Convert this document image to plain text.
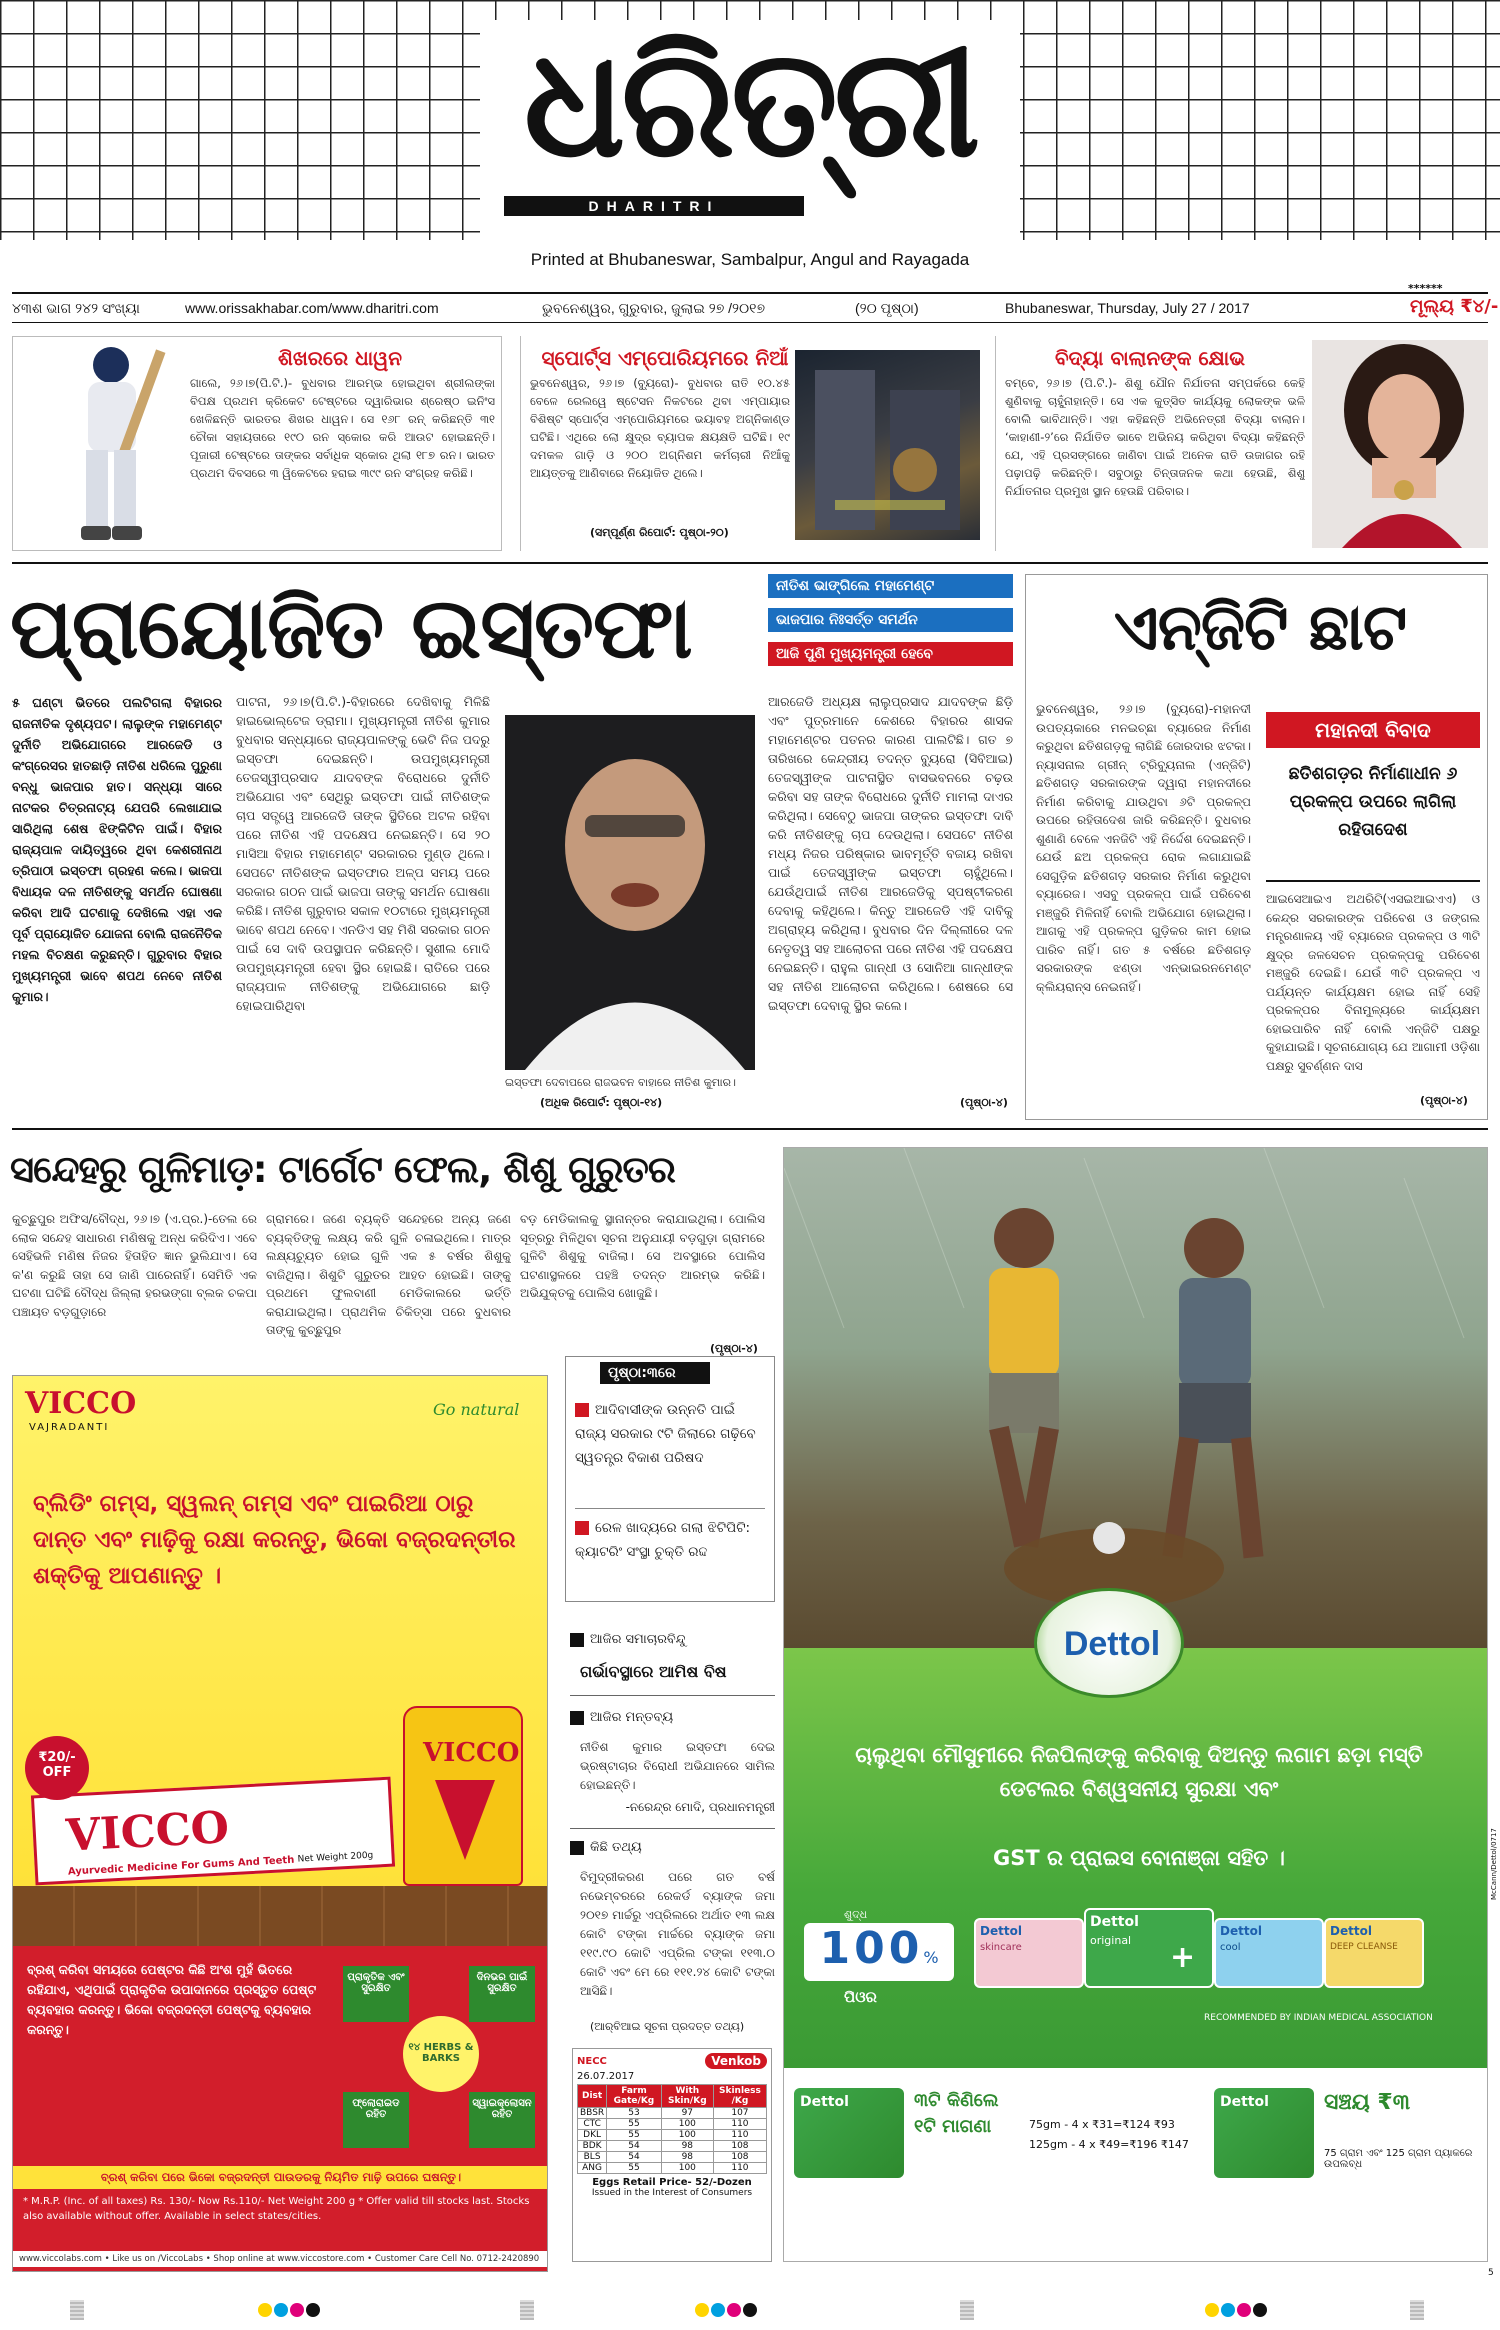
ଧରିତ୍ରୀ
DHARITRI
Printed at Bhubaneswar, Sambalpur, Angul and Rayagada
୪୩ଶ ଭାଗ ୨୪୨ ସଂଖ୍ୟା	www.orissakhabar.com/www.dharitri.com	ଭୁବନେଶ୍ୱର, ଗୁରୁବାର, ଜୁଲାଇ ୨୭ /୨୦୧୭	(୨୦ ପୃଷ୍ଠା)	Bhubaneswar, Thursday, July 27 / 2017
******
ମୂଲ୍ୟ ₹୪/-
ଶିଖରରେ ଧାୱନ
ଗାଲେ, ୨୬।୭(ପି.ଟି.)- ବୁଧବାର ଆରମ୍ଭ ହୋଇଥିବା ଶ୍ରୀଲଙ୍କା ବିପକ୍ଷ ପ୍ରଥମ କ୍ରିକେଟ ଟେଷ୍ଟରେ ଦ୍ୱାରିଭାର ଶ୍ରେଷ୍ଠ ଇନିଂସ ଖେଳିଛନ୍ତି ଭାରତର ଶିଖର ଧାୱନ। ସେ ୧୬୮ ରନ୍‌ କରିଛନ୍ତି ୩୧ ଚୌକା ସହାୟତାରେ ୧୯୦ ରନ ସ୍କୋର କରି ଆଉଟ ହୋଇଛନ୍ତି। ପୂଜାରୀ ଟେଷ୍ଟରେ ତାଙ୍କର ସର୍ବାଧିକ ସ୍କୋର ଥିଲା ୧୮୭ ରନ। ଭାରତ ପ୍ରଥମ ଦିବସରେ ୩ ୱିକେଟରେ ହରାଇ ୩୯୯ ରନ ସଂଗ୍ରହ କରିଛି।
ସ୍ପୋର୍ଟ୍ସ ଏମ୍ପୋରିୟମରେ ନିଆଁ
ଭୁବନେଶ୍ୱର, ୨୬।୭ (ବ୍ୟୁରୋ)- ବୁଧବାର ରାତି ୧୦.୪୫ ବେଳେ ରେଲୱେ ଷ୍ଟେସନ ନିକଟରେ ଥିବା ଏମ୍‌ପାୟାର ବିଶିଷ୍ଟ ସ୍ପୋର୍ଟ୍ସ ଏମ୍ପୋରିୟମରେ ଭୟାବହ ଅଗ୍ନିକାଣ୍ଡ ଘଟିଛି। ଏଥିରେ ଲୋ‌ କ୍ଷୁଦ୍ର ବ୍ୟାପକ କ୍ଷୟକ୍ଷତି ଘଟିଛି। ୧୯ ଦମକଳ ଗାଡ଼ି ଓ ୨୦୦ ଅଗ୍ନିଶମ କର୍ମଚାରୀ ନିଆଁକୁ ଆୟତ୍ତକୁ ଆଣିବାରେ ନିୟୋଜିତ ଥିଲେ।
(ସମ୍ପୂର୍ଣ୍ଣ ରିପୋର୍ଟ: ପୃଷ୍ଠା-୨୦)
ବିଦ୍ୟା ବାଲାନଙ୍କ କ୍ଷୋଭ
ବମ୍ବେ, ୨୬।୭ (ପି.ଟି.)- ଶିଶୁ ଯୌନ ନିର୍ଯାତନା ସମ୍ପର୍କରେ କେହି ଶୁଣିବାକୁ ଚାହୁଁନାହାନ୍ତି। ସେ ଏକ କୁତ୍ସିତ କାର୍ଯ୍ୟକୁ ଲୋକଙ୍କ ଭଳି ବୋଲି ଭାବିଥାନ୍ତି। ଏହା କହିଛନ୍ତି ଅଭିନେତ୍ରୀ ବିଦ୍ୟା ବାଲାନ। ‘କାହାଣୀ-୨’ରେ ନିର୍ଯାତିତ ଭାବେ ଅଭିନୟ କରିଥିବା ବିଦ୍ୟା କହିଛନ୍ତି ଯେ, ଏହି ପ୍ରସଙ୍ଗରେ ଜାଣିବା ପାଇଁ ଅନେକ ରାତି ଉଜାଗର ରହି ପଢ଼ାପଢ଼ି କରିଛନ୍ତି। ସବୁଠାରୁ ଚିନ୍ତାଜନକ କଥା ହେଉଛି, ଶିଶୁ ନିର୍ଯାତନାର ପ୍ରମୁଖ ସ୍ଥାନ ହେଉଛି ପରିବାର।
ପ୍ରାୟୋଜିତ ଇସ୍ତଫା	ନୀତିଶ ଭାଙ୍ଗିଲେ ମହାମେଣ୍ଟ
ଭାଜପାର ନିଃସର୍ତ୍ତ ସମର୍ଥନ
ଆଜି ପୁଣି ମୁଖ୍ୟମନ୍ତ୍ରୀ ହେବେ
୫ ଘଣ୍ଟା ଭିତରେ ପଲଟିଗଲା ବିହାରର ରାଜନୀତିକ ଦୃଶ୍ୟପଟ। ଲାଲୁଙ୍କ ମହାମେଣ୍ଟ ଦୁର୍ନୀତି ଅଭିଯୋଗରେ ଆରଜେଡି ଓ କଂଗ୍ରେସର ହାତଛାଡ଼ି ନୀତିଶ ଧରିଲେ ପୁରୁଣା ବନ୍ଧୁ ଭାଜପାର ହାତ। ସନ୍ଧ୍ୟା ସାରେ ନାଟକର ଚିତ୍ରନାଟ୍ୟ ଯେପରି ଲେଖାଯାଇ ସାରିଥିଲା ଶେଷ ଝିଙ୍କିଟିନ ପାଇଁ। ବିହାର ରାଜ୍ୟପାଳ ଦାୟିତ୍ୱରେ ଥିବା କେଶରୀନାଥ ତ୍ରିପାଠୀ ଇସ୍ତଫା ଗ୍ରହଣ କଲେ। ଭାଜପା ବିଧାୟକ ଦଳ ନୀତିଶଙ୍କୁ ସମର୍ଥନ ଘୋଷଣା କରିବା ଆଦି ଘଟଣାକୁ ଦେଖିଲେ ଏହା ଏକ ପୂର୍ବ ପ୍ରାୟୋଜିତ ଯୋଜନା ବୋଲି ରାଜନୈତିକ ମହଲ ବିଚକ୍ଷଣ କରୁଛନ୍ତି। ଗୁରୁବାର ବିହାର ମୁଖ୍ୟମନ୍ତ୍ରୀ ଭାବେ ଶପଥ ନେବେ ନୀତିଶ କୁମାର।
ପାଟନା, ୨୬।୭(ପି.ଟି.)-ବିହାରରେ ଦେଖିବାକୁ ମିଳିଛି ହାଇଭୋଲ୍ଟେଜ ଡ୍ରାମା। ମୁଖ୍ୟମନ୍ତ୍ରୀ ନୀତିଶ କୁମାର ବୁଧବାର ସନ୍ଧ୍ୟାରେ ରାଜ୍ୟପାଳଙ୍କୁ ଭେଟି ନିଜ ପଦରୁ ଇସ୍ତଫା ଦେଇଛନ୍ତି। ଉପମୁଖ୍ୟମନ୍ତ୍ରୀ ତେଜସ୍ୱୀପ୍ରସାଦ ଯାଦବଙ୍କ ବିରୋଧରେ ଦୁର୍ନୀତି ଅଭିଯୋଗ ଏବଂ ସେଥିରୁ ଇସ୍ତଫା ପାଇଁ ନୀତିଶଙ୍କ ଚାପ ସତ୍ତ୍ୱେ ଆରଜେଡି ତାଙ୍କ ସ୍ଥିତିରେ ଅଟଳ ରହିବା ପରେ ନୀତିଶ ଏହି ପଦକ୍ଷେପ ନେଇଛନ୍ତି। ସେ ୨୦ ମାସିଆ ବିହାର ମହାମେଣ୍ଟ ସରକାରର ମୁଣ୍ଡ ଥିଲେ। ସେପଟେ ନୀତିଶଙ୍କ ଇସ୍ତଫାର ଅଳ୍ପ ସମୟ ପରେ ସରକାର ଗଠନ ପାଇଁ ଭାଜପା ତାଙ୍କୁ ସମର୍ଥନ ଘୋଷଣା କରିଛି। ନୀତିଶ ଗୁରୁବାର ସକାଳ ୧୦ଟାରେ ମୁଖ୍ୟମନ୍ତ୍ରୀ ଭାବେ ଶପଥ ନେବେ। ଏନଡିଏ ସହ ମିଶି ସରକାର ଗଠନ ପାଇଁ ସେ ଦାବି ଉପସ୍ଥାପନ କରିଛନ୍ତି। ସୁଶୀଲ ମୋଦି ଉପମୁଖ୍ୟମନ୍ତ୍ରୀ ହେବା ସ୍ଥିର ହୋଇଛି। ରାତିରେ ପରେ ରାଜ୍ୟପାଳ ନୀତିଶଙ୍କୁ ଅଭିଯୋଗରେ ଛାଡ଼ି ହୋଇପାରିଥିବା
ଇସ୍ତଫା ଦେବାପରେ ରାଜଭବନ ବାହାରେ ନୀତିଶ କୁମାର।
(ଅଧିକ ରିପୋର୍ଟ: ପୃଷ୍ଠା-୧୪)
ଆରଜେଡି ଅଧ୍ୟକ୍ଷ ଲାଲୁପ୍ରସାଦ ଯାଦବଙ୍କ ଛିଡ଼ି ଏବଂ ପୁତ୍ରମାନେ କେଶରେ ବିହାରର ଶାସକ ମହାମେଣ୍ଟର ପତନର କାରଣ ପାଲଟିଛି। ଗତ ୭ ତାରିଖରେ କେନ୍ଦ୍ରୀୟ ତଦନ୍ତ ବ୍ୟୁରୋ (ସିବିଆଇ) ତେଜସ୍ୱୀଙ୍କ ପାଟନାସ୍ଥିତ ବାସଭବନରେ ଚଢ଼ଉ କରିବା ସହ ତାଙ୍କ ବିରୋଧରେ ଦୁର୍ନୀତି ମାମଲା ଦାଏର କରିଥିଲା। ସେବେଠୁ ଭାଜପା ତାଙ୍କର ଇସ୍ତଫା ଦାବି କରି ନୀତିଶଙ୍କୁ ଚାପ ଦେଉଥିଲା। ସେପଟେ ନୀତିଶ ମଧ୍ୟ ନିଜର ପରିଷ୍କାର ଭାବମୂର୍ତ୍ତି ବଜାୟ ରଖିବା ପାଇଁ ତେଜସ୍ୱୀଙ୍କ ଇସ୍ତଫା ଚାହୁଁଥିଲେ। ଯେଉଁଥିପାଇଁ ନୀତିଶ ଆରଜେଡିକୁ ସ୍ପଷ୍ଟୀକରଣ ଦେବାକୁ କହିଥିଲେ। କିନ୍ତୁ ଆରଜେଡି ଏହି ଦାବିକୁ ଅଗ୍ରାହ୍ୟ କରିଥିଲା। ବୁଧବାର ଦିନ ଦିଲ୍ଲୀରେ ଦଳ ନେତୃତ୍ୱ ସହ ଆଲୋଚନା ପରେ ନୀତିଶ ଏହି ପଦକ୍ଷେପ ନେଇଛନ୍ତି। ରାହୁଲ ଗାନ୍ଧୀ ଓ ସୋନିଆ ଗାନ୍ଧୀଙ୍କ ସହ ନୀତିଶ ଆଲୋଚନା କରିଥିଲେ। ଶେଷରେ ସେ ଇସ୍ତଫା ଦେବାକୁ ସ୍ଥିର କଲେ।
(ପୃଷ୍ଠା-୪)
ଏନ୍‌ଜିଟି ଛାଟ
ଭୁବନେଶ୍ୱର, ୨୬।୭ (ବ୍ୟୁରୋ)-ମହାନଦୀ ଉପତ୍ୟକାରେ ମନଇଚ୍ଛା ବ୍ୟାରେଜ ନିର୍ମାଣ କରୁଥିବା ଛତିଶଗଡ଼କୁ ଲାଗିଛି ଜୋରଦାର ଝଟକା। ନ୍ୟାସନାଲ ଗ୍ରୀନ୍ ଟ୍ରିବ୍ୟୁନାଲ (ଏନ୍‌ଜିଟି) ଛତିଶଗଡ଼ ସରକାରଙ୍କ ଦ୍ୱାରା ମହାନଦୀରେ ନିର୍ମାଣ କରିବାକୁ ଯାଉଥିବା ୬ଟି ପ୍ରକଳ୍ପ ଉପରେ ରହିତାଦେଶ ଜାରି କରିଛନ୍ତି। ବୁଧବାର ଶୁଣାଣି ବେଳେ ଏନଜିଟି ଏହି ନିର୍ଦ୍ଦେଶ ଦେଇଛନ୍ତି। ଯେଉଁ ଛଅ ପ୍ରକଳ୍ପ ରୋକ ଲଗାଯାଇଛି ସେଗୁଡ଼ିକ ଛତିଶଗଡ଼ ସରକାର ନିର୍ମାଣ କରୁଥିବା ବ୍ୟାରେଜ। ଏସବୁ ପ୍ରକଳ୍ପ ପାଇଁ ପରିବେଶ ମଞ୍ଜୁରି ମିଳିନାହିଁ ବୋଲି ଅଭିଯୋଗ ହୋଇଥିଲା। ଆଗକୁ ଏହି ପ୍ରକଳ୍ପ ଗୁଡ଼ିକର କାମ ହୋଇ ପାରିବ ନାହିଁ। ଗତ ୫ ବର୍ଷରେ ଛତିଶଗଡ଼ ସରକାରଙ୍କ ଝଣ୍ଡା ଏନ୍‌ଭାଇରନମେଣ୍ଟ କ୍ଲିୟରାନ୍ସ ନେଇନାହିଁ।
ମହାନଦୀ ବିବାଦ
ଛତିଶଗଡ଼ର ନିର୍ମାଣାଧୀନ ୬ ପ୍ରକଳ୍ପ ଉପରେ ଲାଗିଲା ରହିତାଦେଶ
ଆଇସେଆଇଏ ଅଥରିଟି(ଏସଇଆଇଏଏ) ଓ କେନ୍ଦ୍ର ସରକାରଙ୍କ ପରିବେଶ ଓ ଜଙ୍ଗଲ ମନ୍ତ୍ରଣାଳୟ ଏହି ବ୍ୟାରେଜ ପ୍ରକଳ୍ପ ଓ ୩ଟି କ୍ଷୁଦ୍ର ଜଳସେଚନ ପ୍ରକଳ୍ପକୁ ପରିବେଶ ମଞ୍ଜୁରି ଦେଇଛି। ଯେଉଁ ୩ଟି ପ୍ରକଳ୍ପ ଏ ପର୍ଯ୍ୟନ୍ତ କାର୍ଯ୍ୟକ୍ଷମ ହୋଇ ନାହିଁ ସେହି ପ୍ରକଳ୍ପର ବିନାମୁଳ୍ୟରେ କାର୍ଯ୍ୟକ୍ଷମ ହୋଇପାରିବ ନାହିଁ ବୋଲି ଏନ୍‌ଜିଟି ପକ୍ଷରୁ କୁହାଯାଇଛି। ସୂଚନାଯୋଗ୍ୟ ଯେ ଆଗାମୀ ଓଡ଼ିଶା ପକ୍ଷରୁ ସୁବର୍ଣ୍ଣନ ଦାସ
(ପୃଷ୍ଠା-୪)
ସନ୍ଦେହରୁ ଗୁଳିମାଡ଼: ଟାର୍ଗେଟ ଫେଲ, ଶିଶୁ ଗୁରୁତର
କୁଚ୍ଛୁପୁର ଅଫିସ/ବୌଦ୍ଧ, ୨୬।୭ (ଏ.ପ୍ର.)-ତେଲ ରେ ଲୋକ ସନ୍ଦେହ ସାଧାରଣ ମଣିଷକୁ ଅନ୍ଧ କରିଦିଏ। ଏବେ ସେହିଭଳି ମଣିଷ ନିଜର ହିତାହିତ ଜ୍ଞାନ ଭୁଲିଯାଏ। ସେ କ'ଣ କରୁଛି ତାହା ସେ ଜାଣି ପାରେନାହିଁ। ସେମିତି ଏକ ଘଟଣା ଘଟିଛି ବୌଦ୍ଧ ଜିଲ୍ଲା ହରଭଙ୍ଗା ବ୍ଲକ ଚକପା ପଞ୍ଚାୟତ ବଡ଼ଗୁଡ଼ାରେ
ଗ୍ରାମରେ। ଜଣେ ବ୍ୟକ୍ତି ସନ୍ଦେହରେ ଅନ୍ୟ ଜଣେ ବ୍ୟକ୍ତିଙ୍କୁ ଲକ୍ଷ୍ୟ କରି ଗୁଳି ଚଳାଇଥିଲେ। ମାତ୍ର ଲକ୍ଷ୍ୟଚ୍ୟୁତ ହୋଇ ଗୁଳି ଏକ ୫ ବର୍ଷର ଶିଶୁକୁ ବାଜିଥିଲା। ଶିଶୁଟି ଗୁରୁତର ଆହତ ହୋଇଛି। ତାଙ୍କୁ ପ୍ରଥମେ ଫୁଲବାଣୀ ମେଡିକାଲରେ ଭର୍ତ୍ତି କରାଯାଇଥିଲା। ପ୍ରାଥମିକ ଚିକିତ୍ସା ପରେ ବୁଧବାର ତାଙ୍କୁ କୁଚ୍ଛୁପୁର
ବଡ଼ ମେଡିକାଲକୁ ସ୍ଥାନାନ୍ତର କରାଯାଇଥିଲା। ପୋଲିସ ସୂତ୍ରରୁ ମିଳିଥିବା ସୂଚନା ଅନୁଯାୟୀ ବଡ଼ଗୁଡ଼ା ଗ୍ରାମରେ ଗୁଳିଟି ଶିଶୁକୁ ବାଜିଲା। ସେ ଅବସ୍ଥାରେ ପୋଲିସ ଘଟଣାସ୍ଥଳରେ ପହଞ୍ଚି ତଦନ୍ତ ଆରମ୍ଭ କରିଛି। ଅଭିଯୁକ୍ତକୁ ପୋଲିସ ଖୋଜୁଛି।
(ପୃଷ୍ଠା-୪)
VICCO
VAJRADANTI
Go natural
ବ୍ଲିଡିଂ ଗମ୍‌ସ, ସ୍ୱଲନ୍ ଗମ୍‌ସ ଏବଂ ପାଇରିଆ ଠାରୁ ଦାନ୍ତ ଏବଂ ମାଢ଼ିକୁ ରକ୍ଷା କରନ୍ତୁ, ଭିକୋ ବଜ୍ରଦନ୍ତୀର ଶକ୍ତିକୁ ଆପଣାନ୍ତୁ ।
VICCO
Ayurvedic Medicine For Gums And Teeth Net Weight 200g
₹20/- OFF
VICCO
ବ୍ରଶ୍ କରିବା ସମୟରେ ପେଷ୍ଟର କିଛି ଅଂଶ ମୁହଁ ଭିତରେ ରହିଯାଏ, ଏଥିପାଇଁ ପ୍ରାକୃତିକ ଉପାଦାନରେ ପ୍ରସ୍ତୁତ ପେଷ୍ଟ ବ୍ୟବହାର କରନ୍ତୁ। ଭିକୋ ବଜ୍ରଦନ୍ତୀ ପେଷ୍ଟକୁ ବ୍ୟବହାର କରନ୍ତୁ।
୧୪ HERBS & BARKS
ପ୍ରାକୃତିକ ଏବଂ ସୁରକ୍ଷିତ
ଦିନଭର ପାଇଁ ସୁରକ୍ଷିତ
ଫ୍ଲୋରାଇଡ ରହିତ
ସ୍ୱାଇକ୍ଲୋସନ ରହିତ
ବ୍ରଶ୍ କରିବା ପରେ ଭିକୋ ବଜ୍ରଦନ୍ତୀ ପାଉଡରକୁ ନିୟମିତ ମାଢ଼ି ଉପରେ ଘଷନ୍ତୁ।
* M.R.P. (Inc. of all taxes) Rs. 130/- Now Rs.110/- Net Weight 200 g * Offer valid till stocks last. Stocks also available without offer. Available in select states/cities.
www.viccolabs.com • Like us on /ViccoLabs • Shop online at www.viccostore.com • Customer Care Cell No. 0712-2420890
ପୃଷ୍ଠା:୩ରେ
ଆଦିବାସୀଙ୍କ ଉନ୍ନତି ପାଇଁ ରାଜ୍ୟ ସରକାର ୯ଟି ଜିଲାରେ ଗଢ଼ିବେ ସ୍ୱତନ୍ତ୍ର ବିକାଶ ପରିଷଦ
ରେଳ ଖାଦ୍ୟରେ ଗଲା ଝିଟିପିଟି: କ୍ୟାଟରିଂ ସଂସ୍ଥା ଚୁକ୍ତି ରଦ୍ଦ
ଆଜିର ସମାଚାରବିନ୍ଦୁ
ଗର୍ଭାବସ୍ଥାରେ ଆମିଷ ବିଷ
ଆଜିର ମନ୍ତବ୍ୟ
ନୀତିଶ କୁମାର ଇସ୍ତଫା ଦେଇ ଭ୍ରଷ୍ଟାଚାର ବିରୋଧୀ ଅଭିଯାନରେ ସାମିଲ ହୋଇଛନ୍ତି।
-ନରେନ୍ଦ୍ର ମୋଦି, ପ୍ରଧାନମନ୍ତ୍ରୀ
କିଛି ତଥ୍ୟ
ବିମୁଦ୍ରୀକରଣ ପରେ ଗତ ବର୍ଷ ନଭେମ୍ବରରେ ରେକର୍ଡ ବ୍ୟାଙ୍କ ଜମା ୨୦୧୭ ମାର୍ଚ୍ଚରୁ ଏପ୍ରିଲରେ ଅର୍ଥାତ ୧୩ ଲକ୍ଷ କୋଟି ଟଙ୍କା ମାର୍ଚ୍ଚରେ ବ୍ୟାଙ୍କ ଜମା ୧୧୯.୯୦ କୋଟି ଏପ୍ରିଲ ଟଙ୍କା ୧୧୩.୦ କୋଟି ଏବଂ ମେ ରେ ୧୧୧.୨୪ କୋଟି ଟଙ୍କା ଆସିଛି।
(ଆର୍‌ବିଆଇ ସୂଚନା ପ୍ରଦତ୍ତ ତଥ୍ୟ)
NECC	Venkob
26.07.2017
Dist	Farm Gate/Kg	With Skin/Kg	Skinless /Kg
BBSR	53	97	107
CTC	55	100	110
DKL	55	100	110
BDK	54	98	108
BLS	54	98	108
ANG	55	100	110
Eggs Retail Price- 52/-Dozen
Issued in the Interest of Consumers
Dettol
ଚାଲୁଥିବା ମୌସୁମୀରେ ନିଜପିଲାଙ୍କୁ କରିବାକୁ ଦିଅନ୍ତୁ ଲଗାମ ଛଡ଼ା ମସ୍ତି ଡେଟଲର ବିଶ୍ୱସନୀୟ ସୁରକ୍ଷା ଏବଂ
GST ର ପ୍ରାଇସ ବୋନାଞ୍ଜା ସହିତ ।
ଶୁଦ୍ଧ
100%
ପିଓର
Dettol
skincare
Dettol
original	+
Dettol
cool
Dettol
DEEP CLEANSE
RECOMMENDED BY INDIAN MEDICAL ASSOCIATION
Dettol	୩ଟି କିଣିଲେ ୧ଟି ମାଗଣା	75gm - 4 x ₹31=₹124 ₹93
125gm - 4 x ₹49=₹196 ₹147
Dettol	ସଞ୍ଚୟ ₹୩
75 ଗ୍ରାମ ଏବଂ 125 ଗ୍ରାମ ପ୍ୟାକରେ ଉପଲବ୍ଧ
McCann/Dettol/0717
5
